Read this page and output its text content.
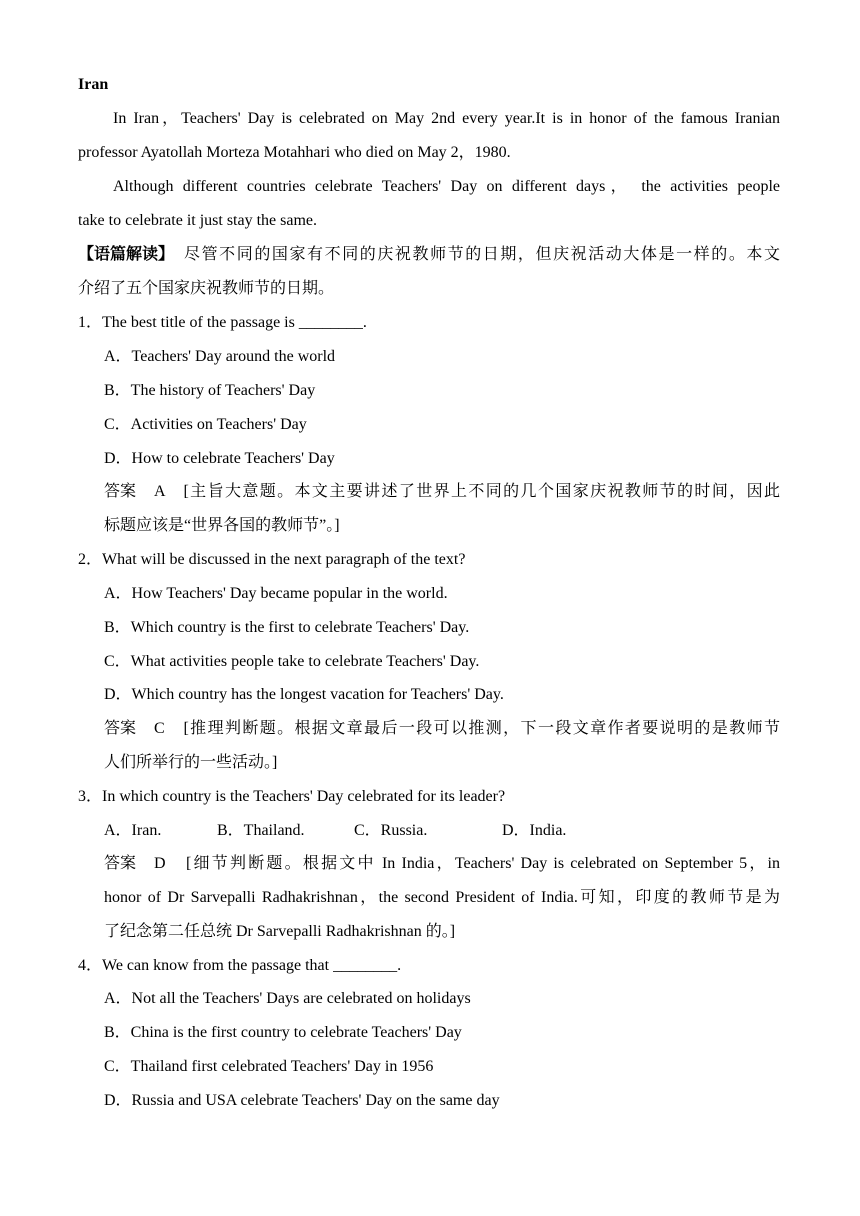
Iran
In Iran，Teachers' Day is celebrated on May 2nd every year.It is in honor of the famous Iranian
professor Ayatollah Morteza Motahhari who died on May 2，1980.
Although different countries celebrate Teachers' Day on different days， the activities people
take to celebrate it just stay the same.
【语篇解读】 尽管不同的国家有不同的庆祝教师节的日期，但庆祝活动大体是一样的。本文
介绍了五个国家庆祝教师节的日期。
1．The best title of the passage is ________.
A．Teachers' Day around the world
B．The history of Teachers' Day
C．Activities on Teachers' Day
D．How to celebrate Teachers' Day
答案 A　[主旨大意题。本文主要讲述了世界上不同的几个国家庆祝教师节的时间，因此
标题应该是“世界各国的教师节”。]
2．What will be discussed in the next paragraph of the text?
A．How Teachers' Day became popular in the world.
B．Which country is the first to celebrate Teachers' Day.
C．What activities people take to celebrate Teachers' Day.
D．Which country has the longest vacation for Teachers' Day.
答案 C　[推理判断题。根据文章最后一段可以推测，下一段文章作者要说明的是教师节
人们所举行的一些活动。]
3．In which country is the Teachers' Day celebrated for its leader?
A．Iran.	B．Thailand.	C．Russia.	D．India.
答案 D　[细节判断题。根据文中 In India，Teachers' Day is celebrated on September 5，in
honor of Dr Sarvepalli Radhakrishnan，the second President of India.可知，印度的教师节是为
了纪念第二任总统 Dr Sarvepalli Radhakrishnan 的。]
4．We can know from the passage that ________.
A．Not all the Teachers' Days are celebrated on holidays
B．China is the first country to celebrate Teachers' Day
C．Thailand first celebrated Teachers' Day in 1956
D．Russia and USA celebrate Teachers' Day on the same day
